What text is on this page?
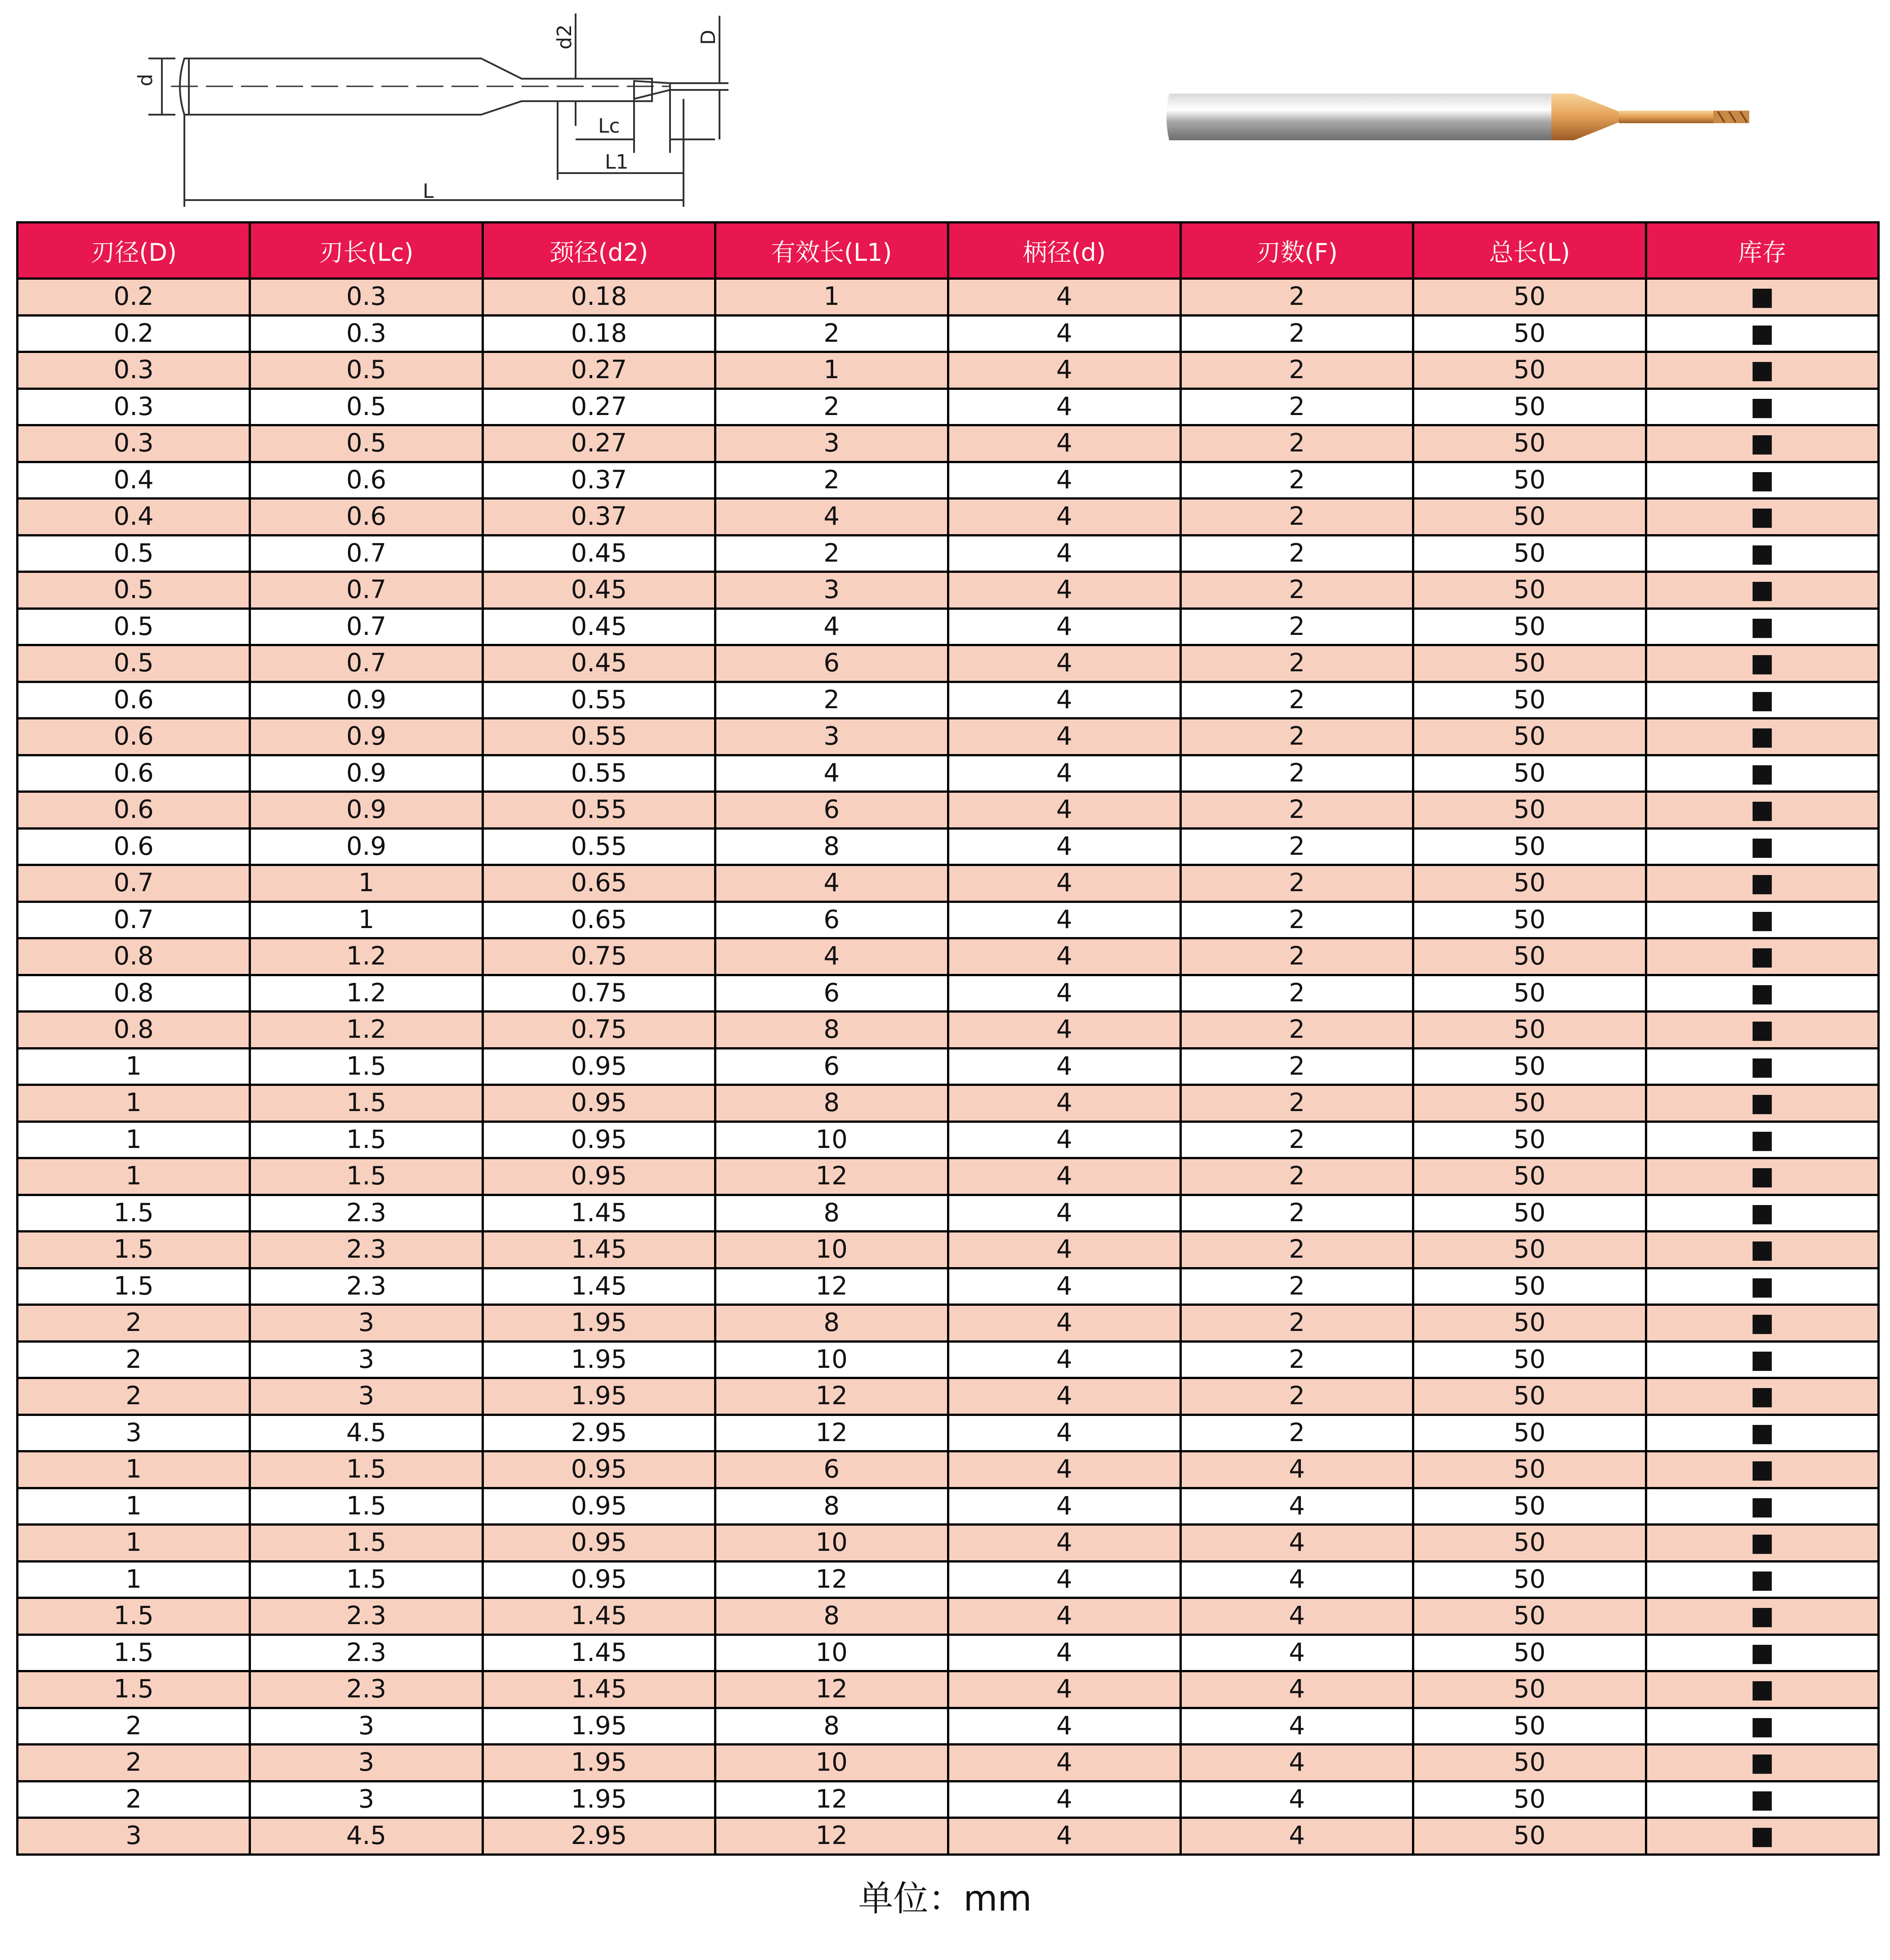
d
d2	D
Lc
L1
L
刃径(D)	刃长(Lc)	颈径(d2)	有效长(L1)	柄径(d)	刃数(F)	总长(L)	库存
0.2	0.3	0.18	1	4	2	50	■
0.2	0.3	0.18	2	4	2	50	■
0.3	0.5	0.27	1	4	2	50	■
0.3	0.5	0.27	2	4	2	50	■
0.3	0.5	0.27	3	4	2	50	■
0.4	0.6	0.37	2	4	2	50	■
0.4	0.6	0.37	4	4	2	50	■
0.5	0.7	0.45	2	4	2	50	■
0.5	0.7	0.45	3	4	2	50	■
0.5	0.7	0.45	4	4	2	50	■
0.5	0.7	0.45	6	4	2	50	■
0.6	0.9	0.55	2	4	2	50	■
0.6	0.9	0.55	3	4	2	50	■
0.6	0.9	0.55	4	4	2	50	■
0.6	0.9	0.55	6	4	2	50	■
0.6	0.9	0.55	8	4	2	50	■
0.7	1	0.65	4	4	2	50	■
0.7	1	0.65	6	4	2	50	■
0.8	1.2	0.75	4	4	2	50	■
0.8	1.2	0.75	6	4	2	50	■
0.8	1.2	0.75	8	4	2	50	■
1	1.5	0.95	6	4	2	50	■
1	1.5	0.95	8	4	2	50	■
1	1.5	0.95	10	4	2	50	■
1	1.5	0.95	12	4	2	50	■
1.5	2.3	1.45	8	4	2	50	■
1.5	2.3	1.45	10	4	2	50	■
1.5	2.3	1.45	12	4	2	50	■
2	3	1.95	8	4	2	50	■
2	3	1.95	10	4	2	50	■
2	3	1.95	12	4	2	50	■
3	4.5	2.95	12	4	2	50	■
1	1.5	0.95	6	4	4	50	■
1	1.5	0.95	8	4	4	50	■
1	1.5	0.95	10	4	4	50	■
1	1.5	0.95	12	4	4	50	■
1.5	2.3	1.45	8	4	4	50	■
1.5	2.3	1.45	10	4	4	50	■
1.5	2.3	1.45	12	4	4	50	■
2	3	1.95	8	4	4	50	■
2	3	1.95	10	4	4	50	■
2	3	1.95	12	4	4	50	■
3	4.5	2.95	12	4	4	50	■
单位：mm
